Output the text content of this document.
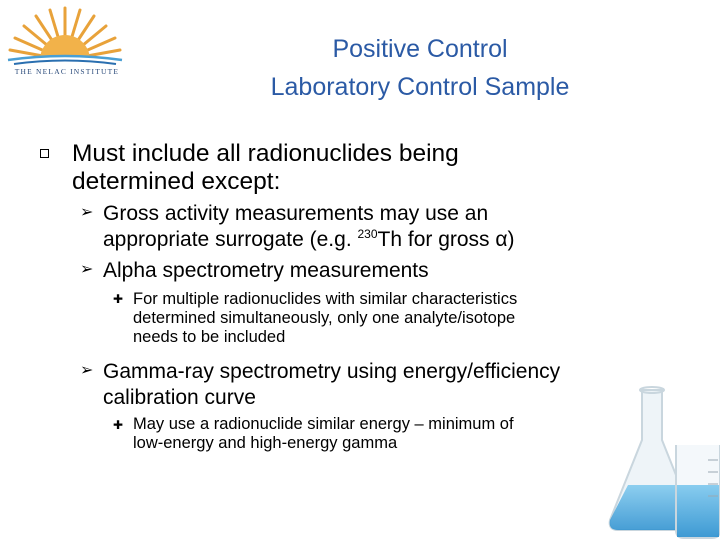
THE NELAC INSTITUTE
Positive Control
Laboratory Control Sample
Must include all radionuclides being
determined except:
➢ Gross activity measurements may use an
appropriate surrogate (e.g. $^{230}$Th for gross α)
➢ Alpha spectrometry measurements
✚ For multiple radionuclides with similar characteristics
determined simultaneously, only one analyte/isotope
needs to be included
➢ Gamma-ray spectrometry using energy/efficiency
calibration curve
✚ May use a radionuclide similar energy – minimum of
low-energy and high-energy gamma
